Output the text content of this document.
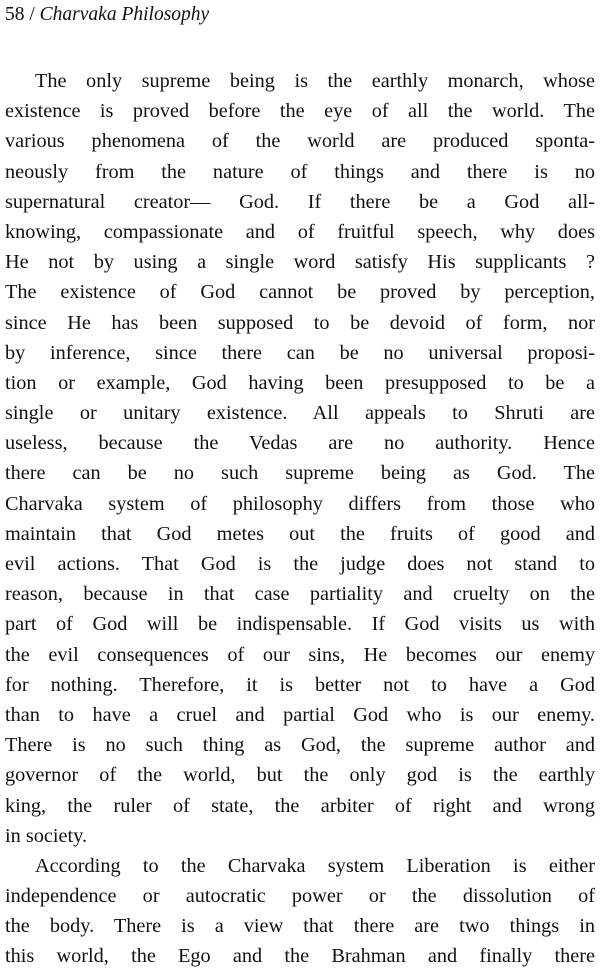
58 / Charvaka Philosophy
The only supreme being is the earthly monarch, whose
existence is proved before the eye of all the world. The
various phenomena of the world are produced sponta-
neously from the nature of things and there is no
supernatural creator— God. If there be a God all-
knowing, compassionate and of fruitful speech, why does
He not by using a single word satisfy His supplicants ?
The existence of God cannot be proved by perception,
since He has been supposed to be devoid of form, nor
by inference, since there can be no universal proposi-
tion or example, God having been presupposed to be a
single or unitary existence. All appeals to Shruti are
useless, because the Vedas are no authority. Hence
there can be no such supreme being as God. The
Charvaka system of philosophy differs from those who
maintain that God metes out the fruits of good and
evil actions. That God is the judge does not stand to
reason, because in that case partiality and cruelty on the
part of God will be indispensable. If God visits us with
the evil consequences of our sins, He becomes our enemy
for nothing. Therefore, it is better not to have a God
than to have a cruel and partial God who is our enemy.
There is no such thing as God, the supreme author and
governor of the world, but the only god is the earthly
king, the ruler of state, the arbiter of right and wrong
in society.
According to the Charvaka system Liberation is either
independence or autocratic power or the dissolution of
the body. There is a view that there are two things in
this world, the Ego and the Brahman and finally there
